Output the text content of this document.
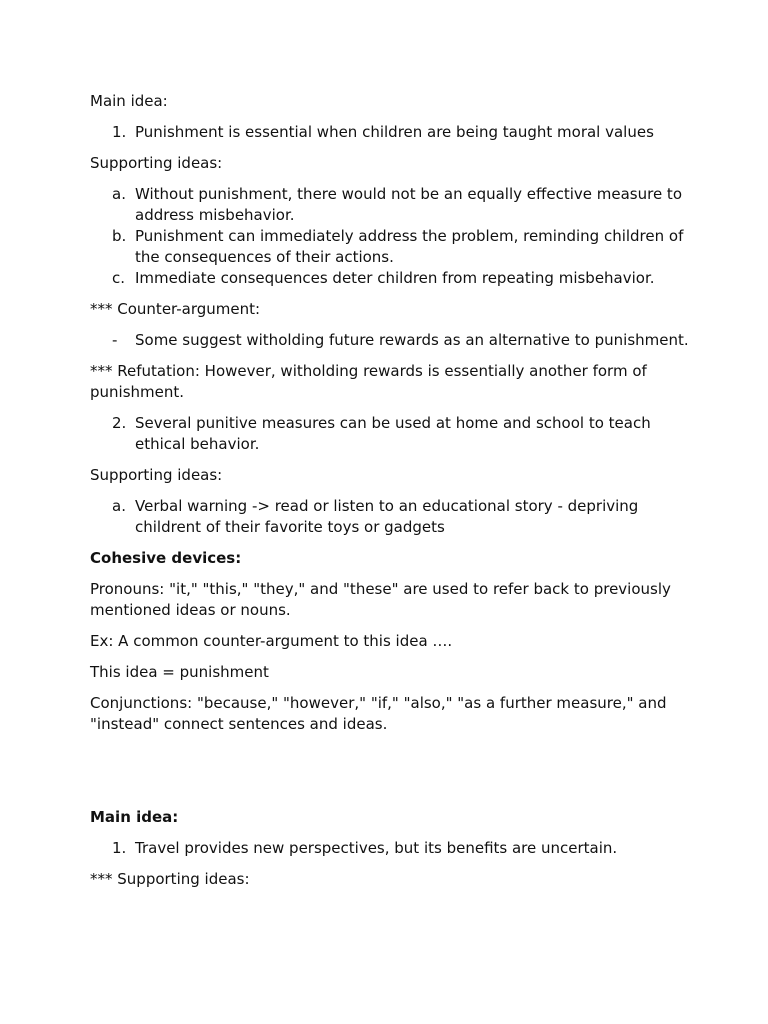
Main idea:

1. Punishment is essential when children are being taught moral values

Supporting ideas:

a. Without punishment, there would not be an equally effective measure to address misbehavior.
b. Punishment can immediately address the problem, reminding children of the consequences of their actions.
c. Immediate consequences deter children from repeating misbehavior.

*** Counter-argument:

- Some suggest witholding future rewards as an alternative to punishment.

*** Refutation: However, witholding rewards is essentially another form of punishment.

2. Several punitive measures can be used at home and school to teach ethical behavior.

Supporting ideas:

a. Verbal warning -> read or listen to an educational story - depriving childrent of their favorite toys or gadgets

Cohesive devices:

Pronouns: "it," "this," "they," and "these" are used to refer back to previously mentioned ideas or nouns.

Ex: A common counter-argument to this idea ….

This idea = punishment

Conjunctions: "because," "however," "if," "also," "as a further measure," and "instead" connect sentences and ideas.

Main idea:

1. Travel provides new perspectives, but its benefits are uncertain.

*** Supporting ideas:
